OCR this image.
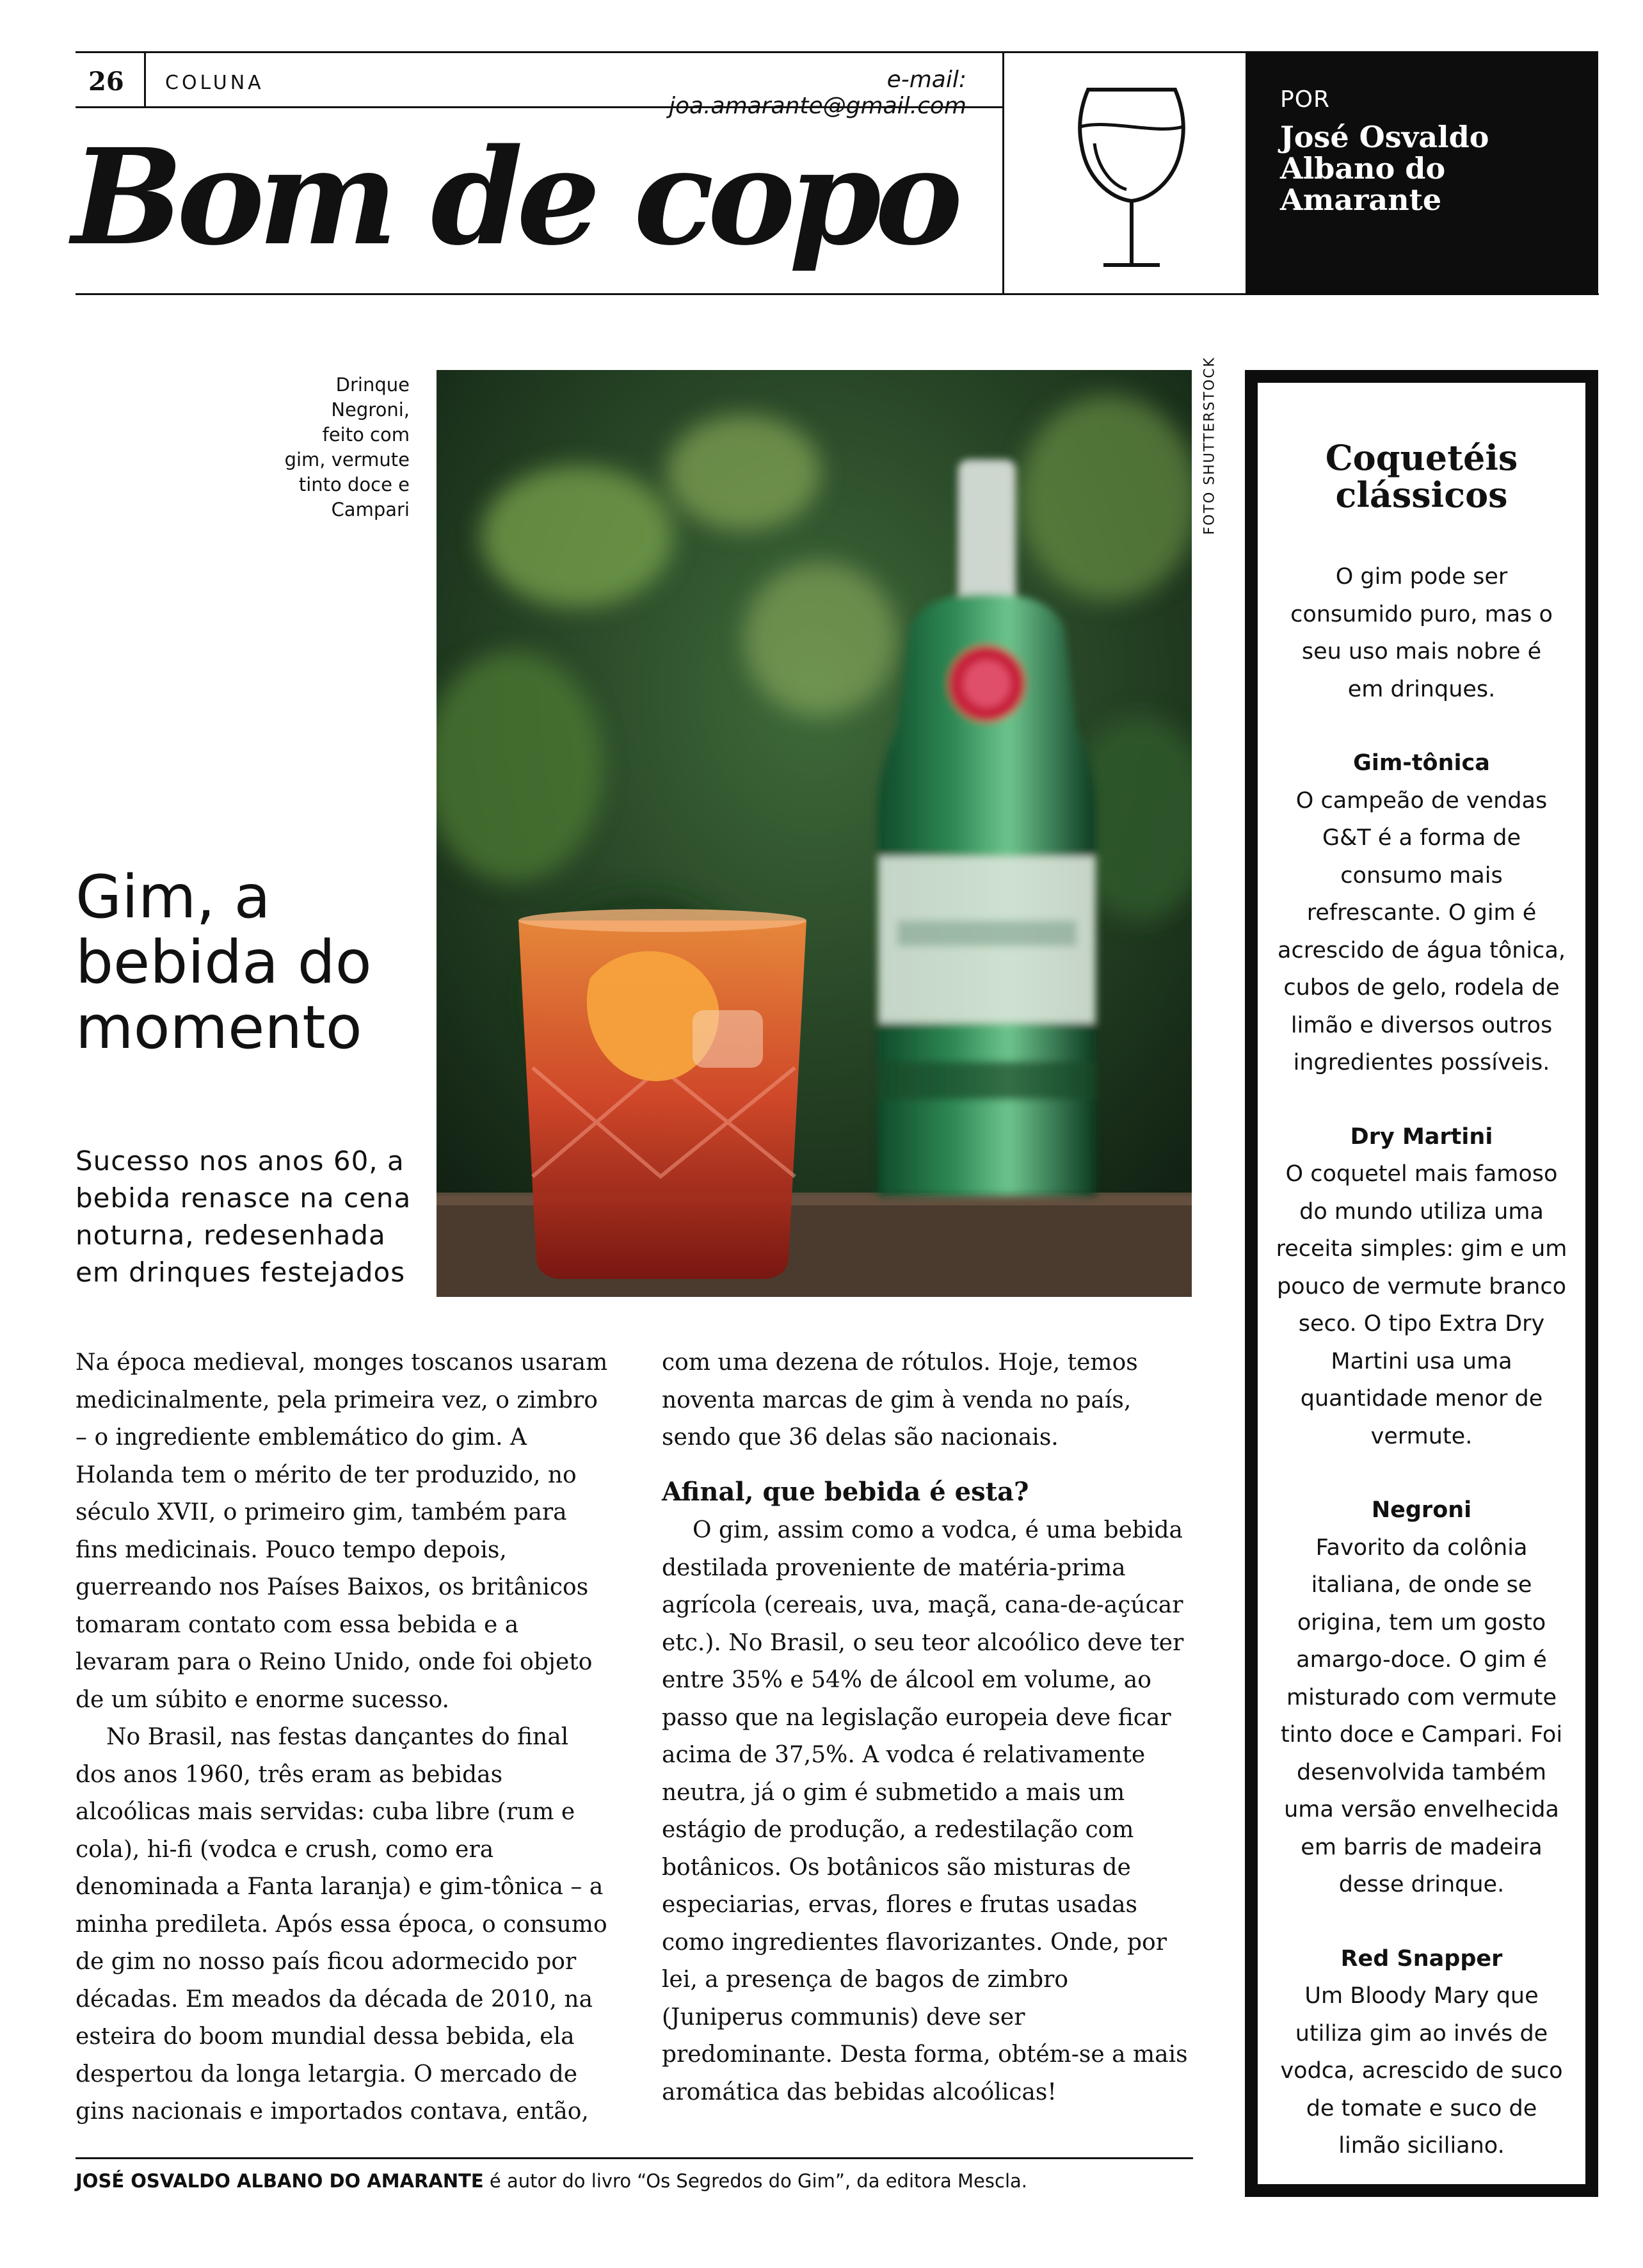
26 COLUNA	e-mail: joa.amarante@gmail.com
Bom de copo
POR
José Osvaldo
Albano do
Amarante
Drinque
Negroni,
feito com
gim, vermute
tinto doce e
Campari	FOTO SHUTTERSTOCK
Gim, a
bebida do
momento
Sucesso nos anos 60, a
bebida renasce na cena
noturna, redesenhada
em drinques festejados

Na época medieval, monges toscanos usaram medicinalmente, pela primeira vez, o zimbro – o ingrediente emblemático do gim. A Holanda tem o mérito de ter produzido, no século XVII, o primeiro gim, também para fins medicinais. Pouco tempo depois, guerreando nos Países Baixos, os britânicos tomaram contato com essa bebida e a levaram para o Reino Unido, onde foi objeto de um súbito e enorme sucesso.

No Brasil, nas festas dançantes do final dos anos 1960, três eram as bebidas alcoólicas mais servidas: cuba libre (rum e cola), hi-fi (vodca e crush, como era denominada a Fanta laranja) e gim-tônica – a minha predileta. Após essa época, o consumo de gim no nosso país ficou adormecido por décadas. Em meados da década de 2010, na esteira do boom mundial dessa bebida, ela despertou da longa letargia. O mercado de gins nacionais e importados contava, então,

com uma dezena de rótulos. Hoje, temos noventa marcas de gim à venda no país, sendo que 36 delas são nacionais.

Afinal, que bebida é esta?

O gim, assim como a vodca, é uma bebida destilada proveniente de matéria-prima agrícola (cereais, uva, maçã, cana-de-açúcar etc.). No Brasil, o seu teor alcoólico deve ter entre 35% e 54% de álcool em volume, ao passo que na legislação europeia deve ficar acima de 37,5%. A vodca é relativamente neutra, já o gim é submetido a mais um estágio de produção, a redestilação com botânicos. Os botânicos são misturas de especiarias, ervas, flores e frutas usadas como ingredientes flavorizantes. Onde, por lei, a presença de bagos de zimbro (Juniperus communis) deve ser predominante. Desta forma, obtém-se a mais aromática das bebidas alcoólicas!

JOSÉ OSVALDO ALBANO DO AMARANTE é autor do livro “Os Segredos do Gim”, da editora Mescla.
Coquetéis
clássicos
O gim pode ser consumido puro, mas o seu uso mais nobre é em drinques.
Gim-tônica
O campeão de vendas G&T é a forma de consumo mais refrescante. O gim é acrescido de água tônica, cubos de gelo, rodela de limão e diversos outros ingredientes possíveis.
Dry Martini
O coquetel mais famoso do mundo utiliza uma receita simples: gim e um pouco de vermute branco seco. O tipo Extra Dry Martini usa uma quantidade menor de vermute.
Negroni
Favorito da colônia italiana, de onde se origina, tem um gosto amargo-doce. O gim é misturado com vermute tinto doce e Campari. Foi desenvolvida também uma versão envelhecida em barris de madeira desse drinque.
Red Snapper
Um Bloody Mary que utiliza gim ao invés de vodca, acrescido de suco de tomate e suco de limão siciliano.
